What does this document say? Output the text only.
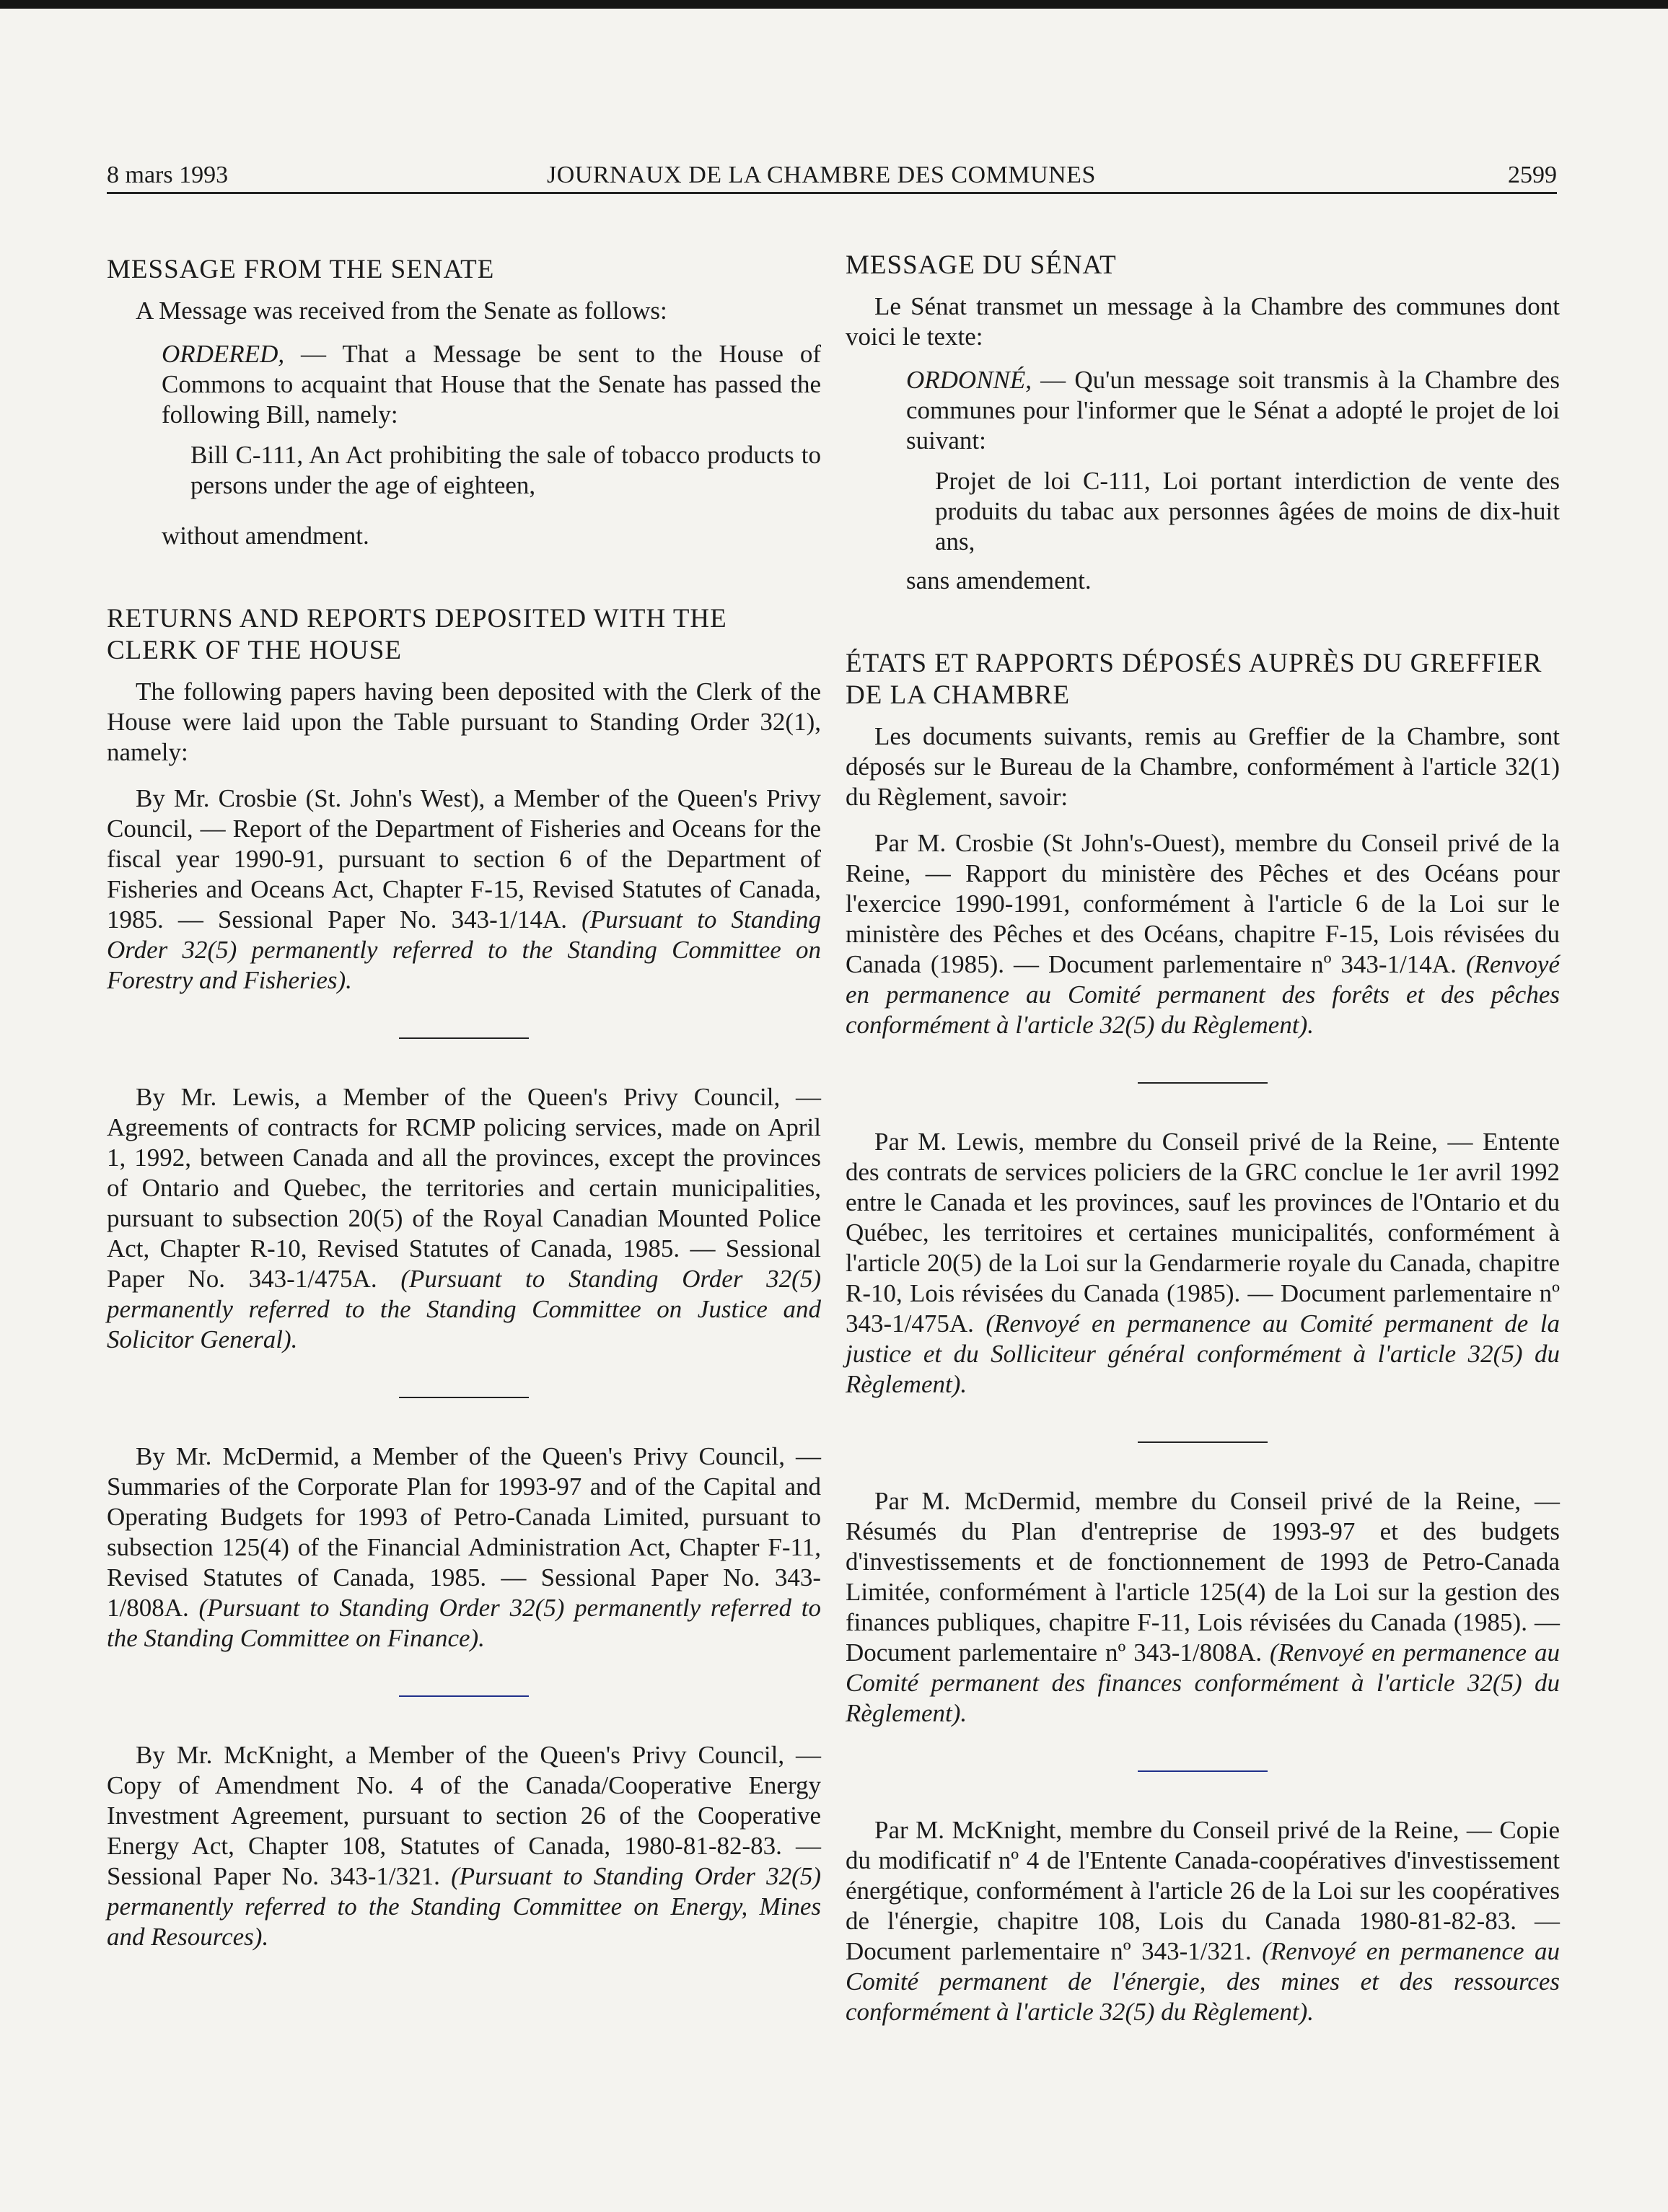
8 mars 1993	JOURNAUX DE LA CHAMBRE DES COMMUNES	2599
MESSAGE FROM THE SENATE

A Message was received from the Senate as follows:

ORDERED, — That a Message be sent to the House of Commons to acquaint that House that the Senate has passed the following Bill, namely:

Bill C-111, An Act prohibiting the sale of tobacco products to persons under the age of eighteen,

without amendment.

RETURNS AND REPORTS DEPOSITED WITH THE CLERK OF THE HOUSE

The following papers having been deposited with the Clerk of the House were laid upon the Table pursuant to Standing Order 32(1), namely:

By Mr. Crosbie (St. John's West), a Member of the Queen's Privy Council, — Report of the Department of Fisheries and Oceans for the fiscal year 1990-91, pursuant to section 6 of the Department of Fisheries and Oceans Act, Chapter F-15, Revised Statutes of Canada, 1985. — Sessional Paper No. 343-1/14A. (Pursuant to Standing Order 32(5) permanently referred to the Standing Committee on Forestry and Fisheries).

By Mr. Lewis, a Member of the Queen's Privy Council, — Agreements of contracts for RCMP policing services, made on April 1, 1992, between Canada and all the provinces, except the provinces of Ontario and Quebec, the territories and certain municipalities, pursuant to subsection 20(5) of the Royal Canadian Mounted Police Act, Chapter R-10, Revised Statutes of Canada, 1985. — Sessional Paper No. 343-1/475A. (Pursuant to Standing Order 32(5) permanently referred to the Standing Committee on Justice and Solicitor General).

By Mr. McDermid, a Member of the Queen's Privy Council, — Summaries of the Corporate Plan for 1993-97 and of the Capital and Operating Budgets for 1993 of Petro-Canada Limited, pursuant to subsection 125(4) of the Financial Administration Act, Chapter F-11, Revised Statutes of Canada, 1985. — Sessional Paper No. 343-1/808A. (Pursuant to Standing Order 32(5) permanently referred to the Standing Committee on Finance).

By Mr. McKnight, a Member of the Queen's Privy Council, — Copy of Amendment No. 4 of the Canada/Cooperative Energy Investment Agreement, pursuant to section 26 of the Cooperative Energy Act, Chapter 108, Statutes of Canada, 1980-81-82-83. — Sessional Paper No. 343-1/321. (Pursuant to Standing Order 32(5) permanently referred to the Standing Committee on Energy, Mines and Resources).

MESSAGE DU SÉNAT

Le Sénat transmet un message à la Chambre des communes dont voici le texte:

ORDONNÉ, — Qu'un message soit transmis à la Chambre des communes pour l'informer que le Sénat a adopté le projet de loi suivant:

Projet de loi C-111, Loi portant interdiction de vente des produits du tabac aux personnes âgées de moins de dix-huit ans,

sans amendement.

ÉTATS ET RAPPORTS DÉPOSÉS AUPRÈS DU GREFFIER DE LA CHAMBRE

Les documents suivants, remis au Greffier de la Chambre, sont déposés sur le Bureau de la Chambre, conformément à l'article 32(1) du Règlement, savoir:

Par M. Crosbie (St John's-Ouest), membre du Conseil privé de la Reine, — Rapport du ministère des Pêches et des Océans pour l'exercice 1990-1991, conformément à l'article 6 de la Loi sur le ministère des Pêches et des Océans, chapitre F-15, Lois révisées du Canada (1985). — Document parlementaire nº 343-1/14A. (Renvoyé en permanence au Comité permanent des forêts et des pêches conformément à l'article 32(5) du Règlement).

Par M. Lewis, membre du Conseil privé de la Reine, — Entente des contrats de services policiers de la GRC conclue le 1er avril 1992 entre le Canada et les provinces, sauf les provinces de l'Ontario et du Québec, les territoires et certaines municipalités, conformément à l'article 20(5) de la Loi sur la Gendarmerie royale du Canada, chapitre R-10, Lois révisées du Canada (1985). — Document parlementaire nº 343-1/475A. (Renvoyé en permanence au Comité permanent de la justice et du Solliciteur général conformément à l'article 32(5) du Règlement).

Par M. McDermid, membre du Conseil privé de la Reine, — Résumés du Plan d'entreprise de 1993-97 et des budgets d'investissements et de fonctionnement de 1993 de Petro-Canada Limitée, conformément à l'article 125(4) de la Loi sur la gestion des finances publiques, chapitre F-11, Lois révisées du Canada (1985). — Document parlementaire nº 343-1/808A. (Renvoyé en permanence au Comité permanent des finances conformément à l'article 32(5) du Règlement).

Par M. McKnight, membre du Conseil privé de la Reine, — Copie du modificatif nº 4 de l'Entente Canada-coopératives d'investissement énergétique, conformément à l'article 26 de la Loi sur les coopératives de l'énergie, chapitre 108, Lois du Canada 1980-81-82-83. — Document parlementaire nº 343-1/321. (Renvoyé en permanence au Comité permanent de l'énergie, des mines et des ressources conformément à l'article 32(5) du Règlement).
